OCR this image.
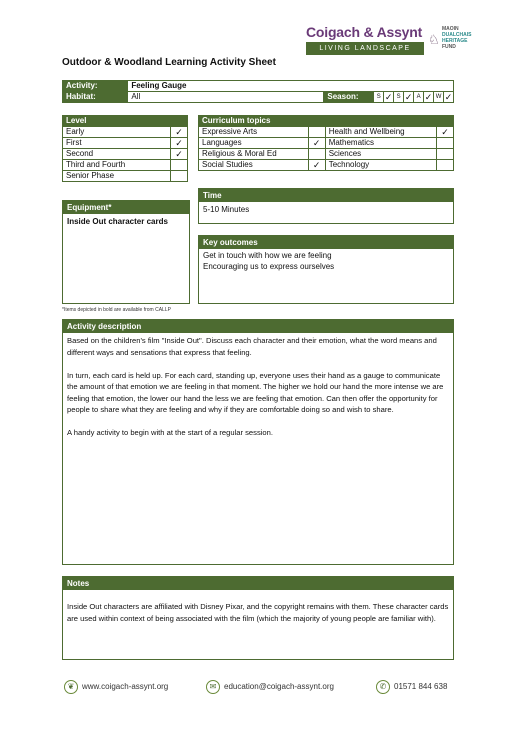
Coigach & Assynt
LIVING LANDSCAPE
♘
MAOIN
DUALCHAIS
HERITAGE
FUND
Outdoor & Woodland Learning Activity Sheet
Activity:	Feeling Gauge									
Habitat:	All	Season:	S	✓	S	✓	A	✓	W	✓
Level	
Early	✓
First	✓
Second	✓
Third and Fourth	
Senior Phase	
Curriculum topics			
Expressive Arts		Health and Wellbeing	✓
Languages	✓	Mathematics	
Religious & Moral Ed		Sciences	
Social Studies	✓	Technology	
Time
5-10 Minutes
Equipment*
Inside Out character cards
*Items depicted in bold are available from CALLP
Key outcomes
Get in touch with how we are feeling
Encouraging us to express ourselves
Activity description

Based on the children's film "Inside Out". Discuss each character and their emotion, what the word means and different ways and sensations that express that feeling.

In turn, each card is held up. For each card, standing up, everyone uses their hand as a gauge to communicate the amount of that emotion we are feeling in that moment. The higher we hold our hand the more intense we are feeling that emotion, the lower our hand the less we are feeling that emotion. Can then offer the opportunity for people to share what they are feeling and why if they are comfortable doing so and wish to share.

A handy activity to begin with at the start of a regular session.

Notes

Inside Out characters are affiliated with Disney Pixar, and the copyright remains with them. These character cards are used within context of being associated with the film (which the majority of young people are familiar with).

❦ www.coigach-assynt.org	✉ education@coigach-assynt.org	✆ 01571 844 638
